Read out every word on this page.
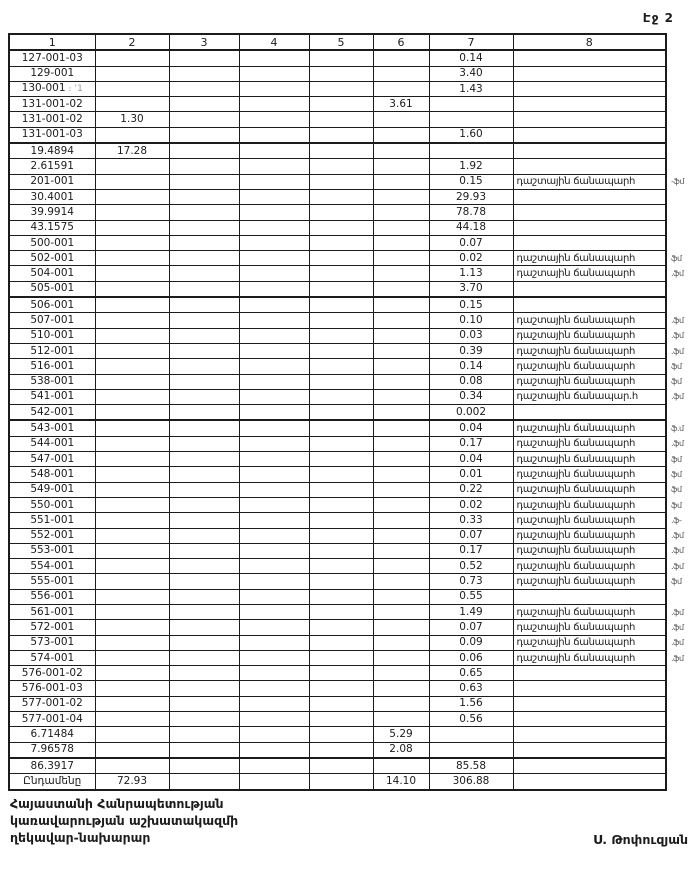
Էջ 2
1	2	3	4	5	6	7	8	
127-001-03						0.14		
129-001						3.40		
130-001 ։ ՚1						1.43		
131-001-02					3.61			
131-001-02	1.30							
131-001-03						1.60		
19.4894	17.28							
2.61591						1.92		
201-001						0.15	դաշտային ճանապարհ	-ֆմ
30.4001						29.93		
39.9914						78.78		
43.1575						44.18		
500-001						0.07		
502-001						0.02	դաշտային ճանապարհ	ֆմ
504-001						1.13	դաշտային ճանապարհ	.ֆմ
505-001						3.70		
506-001						0.15		
507-001						0.10	դաշտային ճանապարհ	.ֆմ
510-001						0.03	դաշտային ճանապարհ	.ֆմ
512-001						0.39	դաշտային ճանապարհ	.ֆմ
516-001						0.14	դաշտային ճանապարհ	ֆմ
538-001						0.08	դաշտային ճանապարհ	ֆմ
541-001						0.34	դաշտային ճանապար.հ	.ֆմ
542-001						0.002		
543-001						0.04	դաշտային ճանապարհ	ֆ.մ
544-001						0.17	դաշտային ճանապարհ	.ֆմ
547-001						0.04	դաշտային ճանապարհ	ֆմ
548-001						0.01	դաշտային ճանապարհ	ֆմ
549-001						0.22	դաշտային ճանապարհ	ֆմ
550-001						0.02	դաշտային ճանապարհ	ֆմ
551-001						0.33	դաշտային ճանապարհ	.ֆ-
552-001						0.07	դաշտային ճանապարհ	.ֆմ
553-001						0.17	դաշտային ճանապարհ	.ֆմ
554-001						0.52	դաշտային ճանապարհ	.ֆմ
555-001						0.73	դաշտային ճանապարհ	ֆմ
556-001						0.55		
561-001						1.49	դաշտային ճանապարհ	.ֆմ
572-001						0.07	դաշտային ճանապարհ	.ֆմ
573-001						0.09	դաշտային ճանապարհ	.ֆմ
574-001						0.06	դաշտային ճանապարհ	.ֆմ
576-001-02						0.65		
576-001-03						0.63		
577-001-02						1.56		
577-001-04						0.56		
6.71484					5.29			
7.96578					2.08			
86.3917						85.58		
Ընդամենը	72.93				14.10	306.88		
Հայաստանի Հանրապետության
կառավարության աշխատակազմի
ղեկավար-նախարար	Ս. Թոփուզյան
